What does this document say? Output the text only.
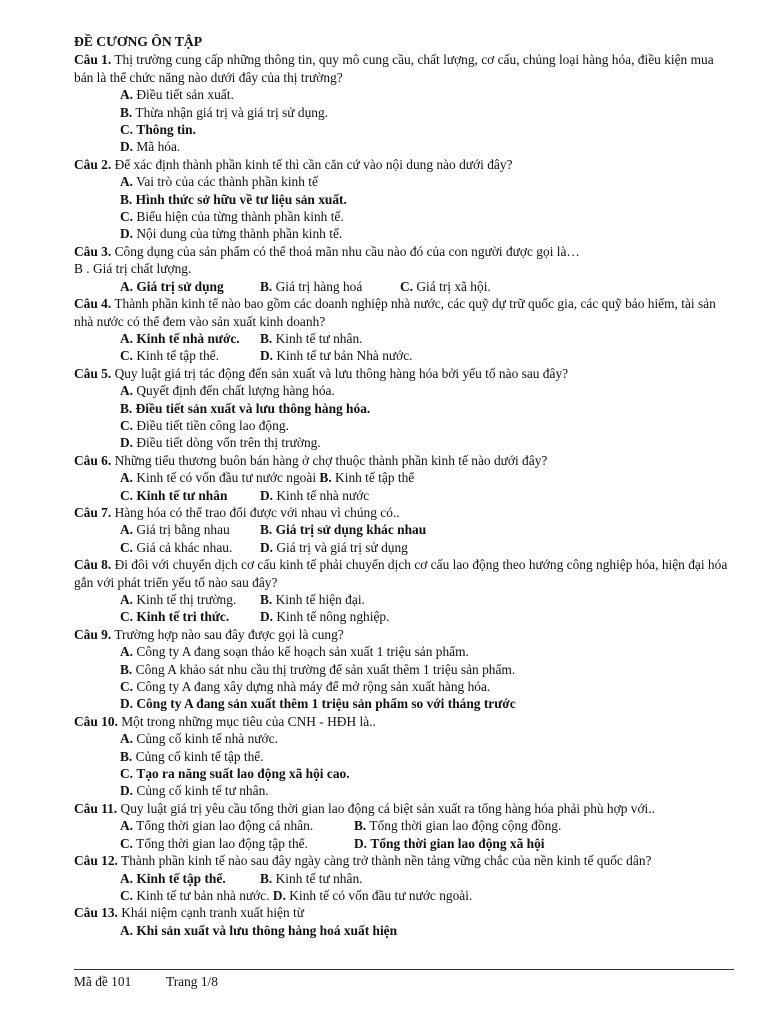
ĐỀ CƯƠNG ÔN TẬP
Câu 1. Thị trường cung cấp những thông tin, quy mô cung cầu, chất lượng, cơ cấu, chủng loại hàng hóa, điều kiện mua bán là thể chức năng nào dưới đây của thị trường?
A. Điều tiết sản xuất.
B. Thừa nhận giá trị và giá trị sử dụng.
C. Thông tin.
D. Mã hóa.
Câu 2. Để xác định thành phần kinh tế thì cần căn cứ vào nội dung nào dưới đây?
A. Vai trò của các thành phần kinh tế
B. Hình thức sở hữu về tư liệu sản xuất.
C. Biểu hiện của từng thành phần kinh tế.
D. Nội dung của từng thành phần kinh tế.
Câu 3. Công dụng của sản phẩm có thể thoả mãn nhu cầu nào đó của con người được gọi là…
B . Giá trị chất lượng.
A. Giá trị sử dụng	B. Giá trị hàng hoá	C. Giá trị xã hội.
Câu 4. Thành phần kinh tế nào bao gồm các doanh nghiệp nhà nước, các quỹ dự trữ quốc gia, các quỹ bảo hiểm, tài sản nhà nước có thể đem vào sản xuất kinh doanh?
A. Kinh tế nhà nước. B. Kinh tế tư nhân.
C. Kinh tế tập thể.	D. Kinh tế tư bản Nhà nước.
Câu 5. Quy luật giá trị tác động đến sản xuất và lưu thông hàng hóa bởi yếu tố nào sau đây?
A. Quyết định đến chất lượng hàng hóa.
B. Điều tiết sản xuất và lưu thông hàng hóa.
C. Điều tiết tiền công lao động.
D. Điều tiết dòng vốn trên thị trường.
Câu 6. Những tiểu thương buôn bán hàng ở chợ thuộc thành phần kinh tế nào dưới đây?
A. Kinh tế có vốn đầu tư nước ngoài B. Kinh tế tập thể
C. Kinh tế tư nhân D. Kinh tế nhà nước
Câu 7. Hàng hóa có thể trao đổi được với nhau vì chúng có..
A. Giá trị bằng nhau B. Giá trị sử dụng khác nhau
C. Giá cả khác nhau. D. Giá trị và giá trị sử dụng
Câu 8. Đi đôi với chuyển dịch cơ cấu kinh tế phải chuyển dịch cơ cấu lao động theo hướng công nghiệp hóa, hiện đại hóa gắn với phát triển yếu tố nào sau đây?
A. Kinh tế thị trường. B. Kinh tế hiện đại.
C. Kinh tế tri thức. D. Kinh tế nông nghiệp.
Câu 9. Trường hợp nào sau đây được gọi là cung?
A. Công ty A đang soạn thảo kế hoạch sản xuất 1 triệu sản phẩm.
B. Công A khảo sát nhu cầu thị trường để sản xuất thêm 1 triệu sản phẩm.
C. Công ty A đang xây dựng nhà máy để mở rộng sản xuất hàng hóa.
D. Công ty A đang sản xuất thêm 1 triệu sản phẩm so với tháng trước
Câu 10. Một trong những mục tiêu của CNH - HĐH là..
A. Củng cố kinh tế nhà nước.
B. Củng cố kinh tế tập thể.
C. Tạo ra năng suất lao động xã hội cao.
D. Củng cố kinh tế tư nhân.
Câu 11. Quy luật giá trị yêu cầu tổng thời gian lao động cá biệt sản xuất ra tổng hàng hóa phải phù hợp với..
A. Tổng thời gian lao động cá nhân.	B. Tổng thời gian lao động cộng đồng.
C. Tổng thời gian lao động tập thể.	D. Tổng thời gian lao động xã hội
Câu 12. Thành phần kinh tế nào sau đây ngày càng trở thành nền tảng vững chắc của nền kinh tế quốc dân?
A. Kinh tế tập thể.	B. Kinh tế tư nhân.
C. Kinh tế tư bản nhà nước. D. Kinh tế có vốn đầu tư nước ngoài.
Câu 13. Khái niệm cạnh tranh xuất hiện từ
A. Khi sản xuất và lưu thông hàng hoá xuất hiện
Mã đề 101	Trang 1/8
